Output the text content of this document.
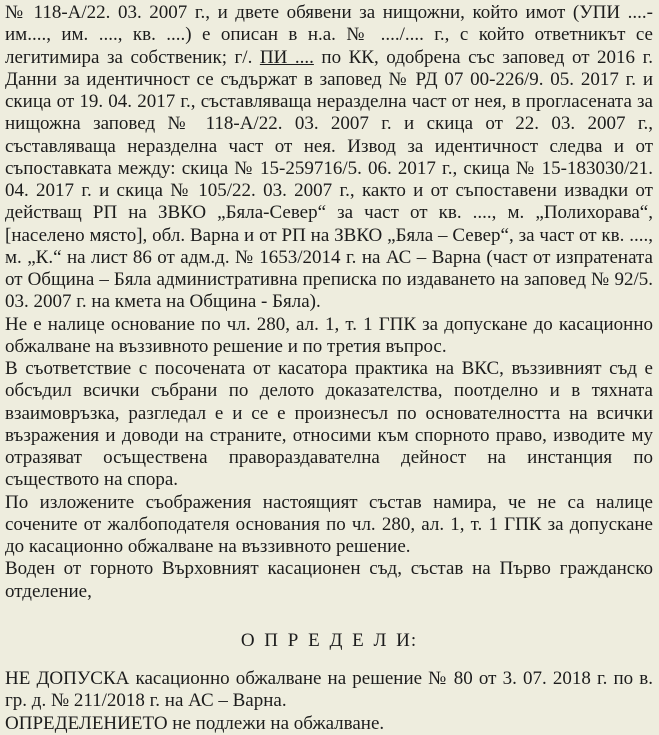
№ 118-А/22. 03. 2007 г., и двете обявени за нищожни, който имот (УПИ ....-им...., им. ...., кв. ....) е описан в н.а. № ..../.... г., с който ответникът се легитимира за собственик; г/. ПИ .... по КК, одобрена със заповед от 2016 г. Данни за идентичност се съдържат в заповед № РД 07 00-226/9. 05. 2017 г. и скица от 19. 04. 2017 г., съставляваща неразделна част от нея, в прогласената за нищожна заповед № 118-А/22. 03. 2007 г. и скица от 22. 03. 2007 г., съставляваща неразделна част от нея. Извод за идентичност следва и от съпоставката между: скица № 15-259716/5. 06. 2017 г., скица № 15-183030/21. 04. 2017 г. и скица № 105/22. 03. 2007 г., както и от съпоставени извадки от действащ РП на ЗВКО „Бяла-Север“ за част от кв. ...., м. „Полихорава“, [населено място], обл. Варна и от РП на ЗВКО „Бяла – Север“, за част от кв. ...., м. „К.“ на лист 86 от адм.д. № 1653/2014 г. на АС – Варна (част от изпратената от Община – Бяла административна преписка по издаването на заповед № 92/5. 03. 2007 г. на кмета на Община - Бяла).

Не е налице основание по чл. 280, ал. 1, т. 1 ГПК за допускане до касационно обжалване на въззивното решение и по третия въпрос.

В съответствие с посочената от касатора практика на ВКС, въззивният съд е обсъдил всички събрани по делото доказателства, поотделно и в тяхната взаимовръзка, разгледал е и се е произнесъл по основателността на всички възражения и доводи на страните, относими към спорното право, изводите му отразяват осъществена правораздавателна дейност на инстанция по съществото на спора.

По изложените съображения настоящият състав намира, че не са налице сочените от жалбоподателя основания по чл. 280, ал. 1, т. 1 ГПК за допускане до касационно обжалване на въззивното решение.

Воден от горното Върховният касационен съд, състав на Първо гражданско отделение,

О П Р Е Д Е Л И:

НЕ ДОПУСКА касационно обжалване на решение № 80 от 3. 07. 2018 г. по в. гр. д. № 211/2018 г. на АС – Варна.

ОПРЕДЕЛЕНИЕТО не подлежи на обжалване.
